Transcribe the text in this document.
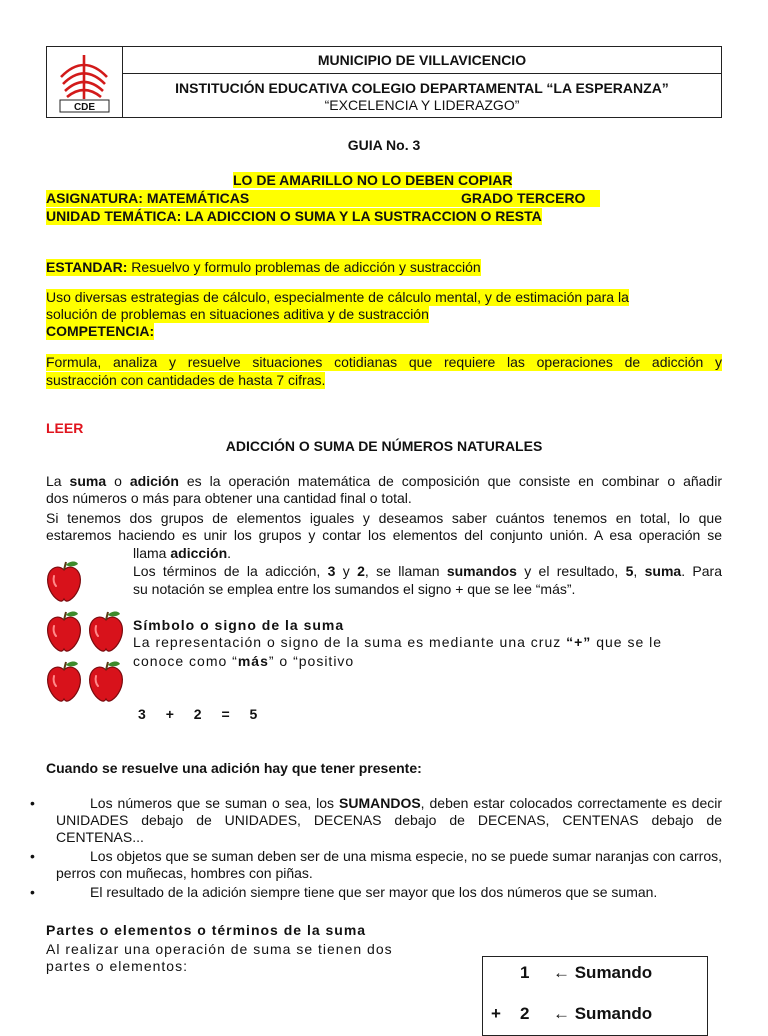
CDE
MUNICIPIO DE VILLAVICENCIO
INSTITUCIÓN EDUCATIVA COLEGIO DEPARTAMENTAL “LA ESPERANZA”
“EXCELENCIA Y LIDERAZGO”

GUIA No. 3

LO DE AMARILLO NO LO DEBEN COPIAR

ASIGNATURA: MATEMÁTICAS	GRADO TERCERO

UNIDAD TEMÁTICA: LA ADICCION O SUMA Y LA SUSTRACCION O RESTA

ESTANDAR: Resuelvo y formulo problemas de adicción y sustracción

Uso diversas estrategias de cálculo, especialmente de cálculo mental, y de estimación para la

solución de problemas en situaciones aditiva y de sustracción

COMPETENCIA:

Formula, analiza y resuelve situaciones cotidianas que requiere las operaciones de adicción y

sustracción con cantidades de hasta 7 cifras.

LEER

ADICCIÓN O SUMA DE NÚMEROS NATURALES

La suma o adición es la operación matemática de composición que consiste en combinar o añadir

dos números o más para obtener una cantidad final o total.

Si tenemos dos grupos de elementos iguales y deseamos saber cuántos tenemos en total, lo que

estaremos haciendo es unir los grupos y contar los elementos del conjunto unión. A esa operación se

llama adicción.

Los términos de la adicción, 3 y 2, se llaman sumandos y el resultado, 5, suma. Para

su notación se emplea entre los sumandos el signo + que se lee “más”.

Símbolo o signo de la suma

La representación o signo de la suma es mediante una cruz “+” que se le

conoce como “más” o “positivo

3 + 2 = 5

Cuando se resuelve una adición hay que tener presente:

•	Los números que se suman o sea, los SUMANDOS, deben estar colocados correctamente es decir UNIDADES debajo de UNIDADES, DECENAS debajo de DECENAS, CENTENAS debajo de CENTENAS...
•	Los objetos que se suman deben ser de una misma especie, no se puede sumar naranjas con carros, perros con muñecas, hombres con piñas.
•	El resultado de la adición siempre tiene que ser mayor que los dos números que se suman.

Partes o elementos o términos de la suma

Al realizar una operación de suma se tienen dos

partes o elementos:	1 ← Sumando
+ 2 ← Sumando
